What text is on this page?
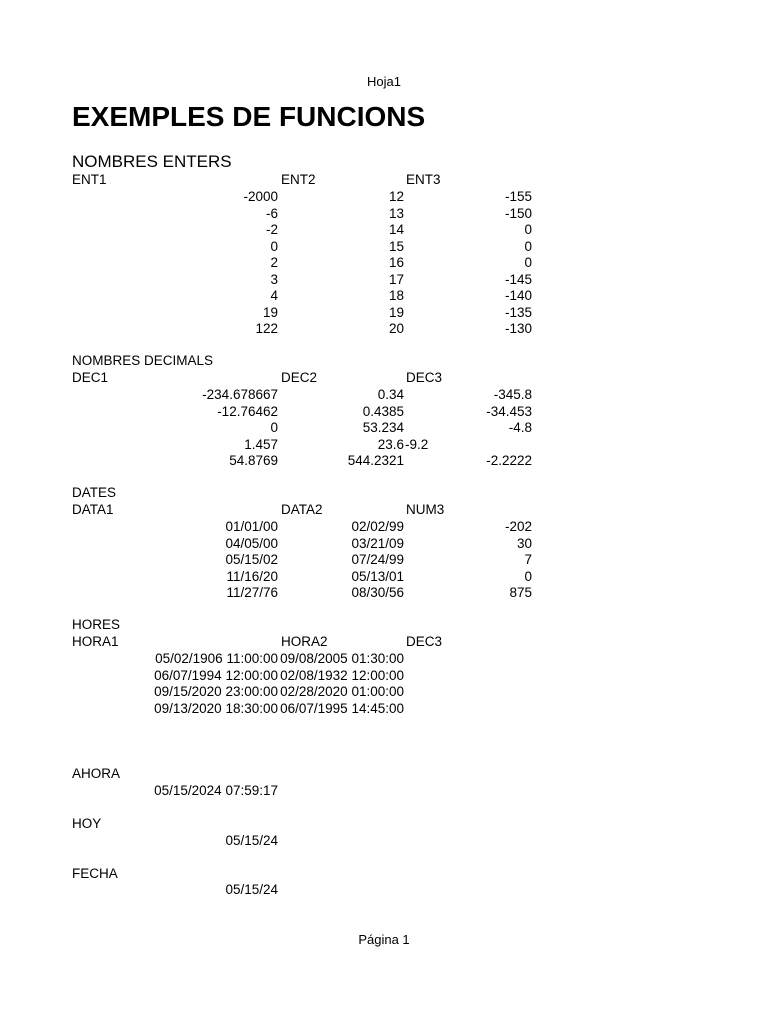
Hoja1
EXEMPLES DE FUNCIONS
NOMBRES ENTERS
ENT1	ENT2	ENT3
-2000	12	-155
-6	13	-150
-2	14	0
0	15	0
2	16	0
3	17	-145
4	18	-140
19	19	-135
122	20	-130
NOMBRES DECIMALS
DEC1	DEC2	DEC3
-234.678667	0.34	-345.8
-12.76462	0.4385	-34.453
0	53.234	-4.8
1.457	23.6 -9.2
54.8769	544.2321	-2.2222
DATES
DATA1	DATA2	NUM3
01/01/00	02/02/99	-202
04/05/00	03/21/09	30
05/15/02	07/24/99	7
11/16/20	05/13/01	0
11/27/76	08/30/56	875
HORES
HORA1	HORA2	DEC3
05/02/1906 11:00:00 09/08/2005 01:30:00
06/07/1994 12:00:00 02/08/1932 12:00:00
09/15/2020 23:00:00 02/28/2020 01:00:00
09/13/2020 18:30:00 06/07/1995 14:45:00
AHORA
05/15/2024 07:59:17
HOY
05/15/24
FECHA
05/15/24
Página 1
